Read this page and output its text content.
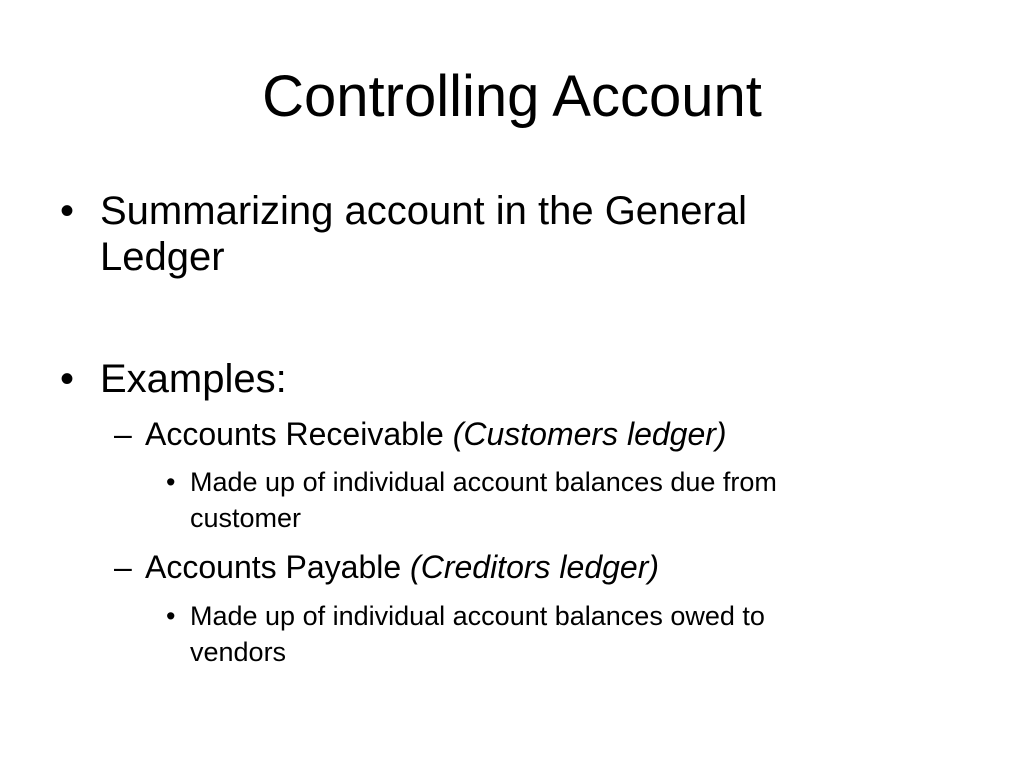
Controlling Account
• Summarizing account in the General
Ledger
• Examples:
– Accounts Receivable (Customers ledger)
• Made up of individual account balances due from
customer
– Accounts Payable (Creditors ledger)
• Made up of individual account balances owed to
vendors
